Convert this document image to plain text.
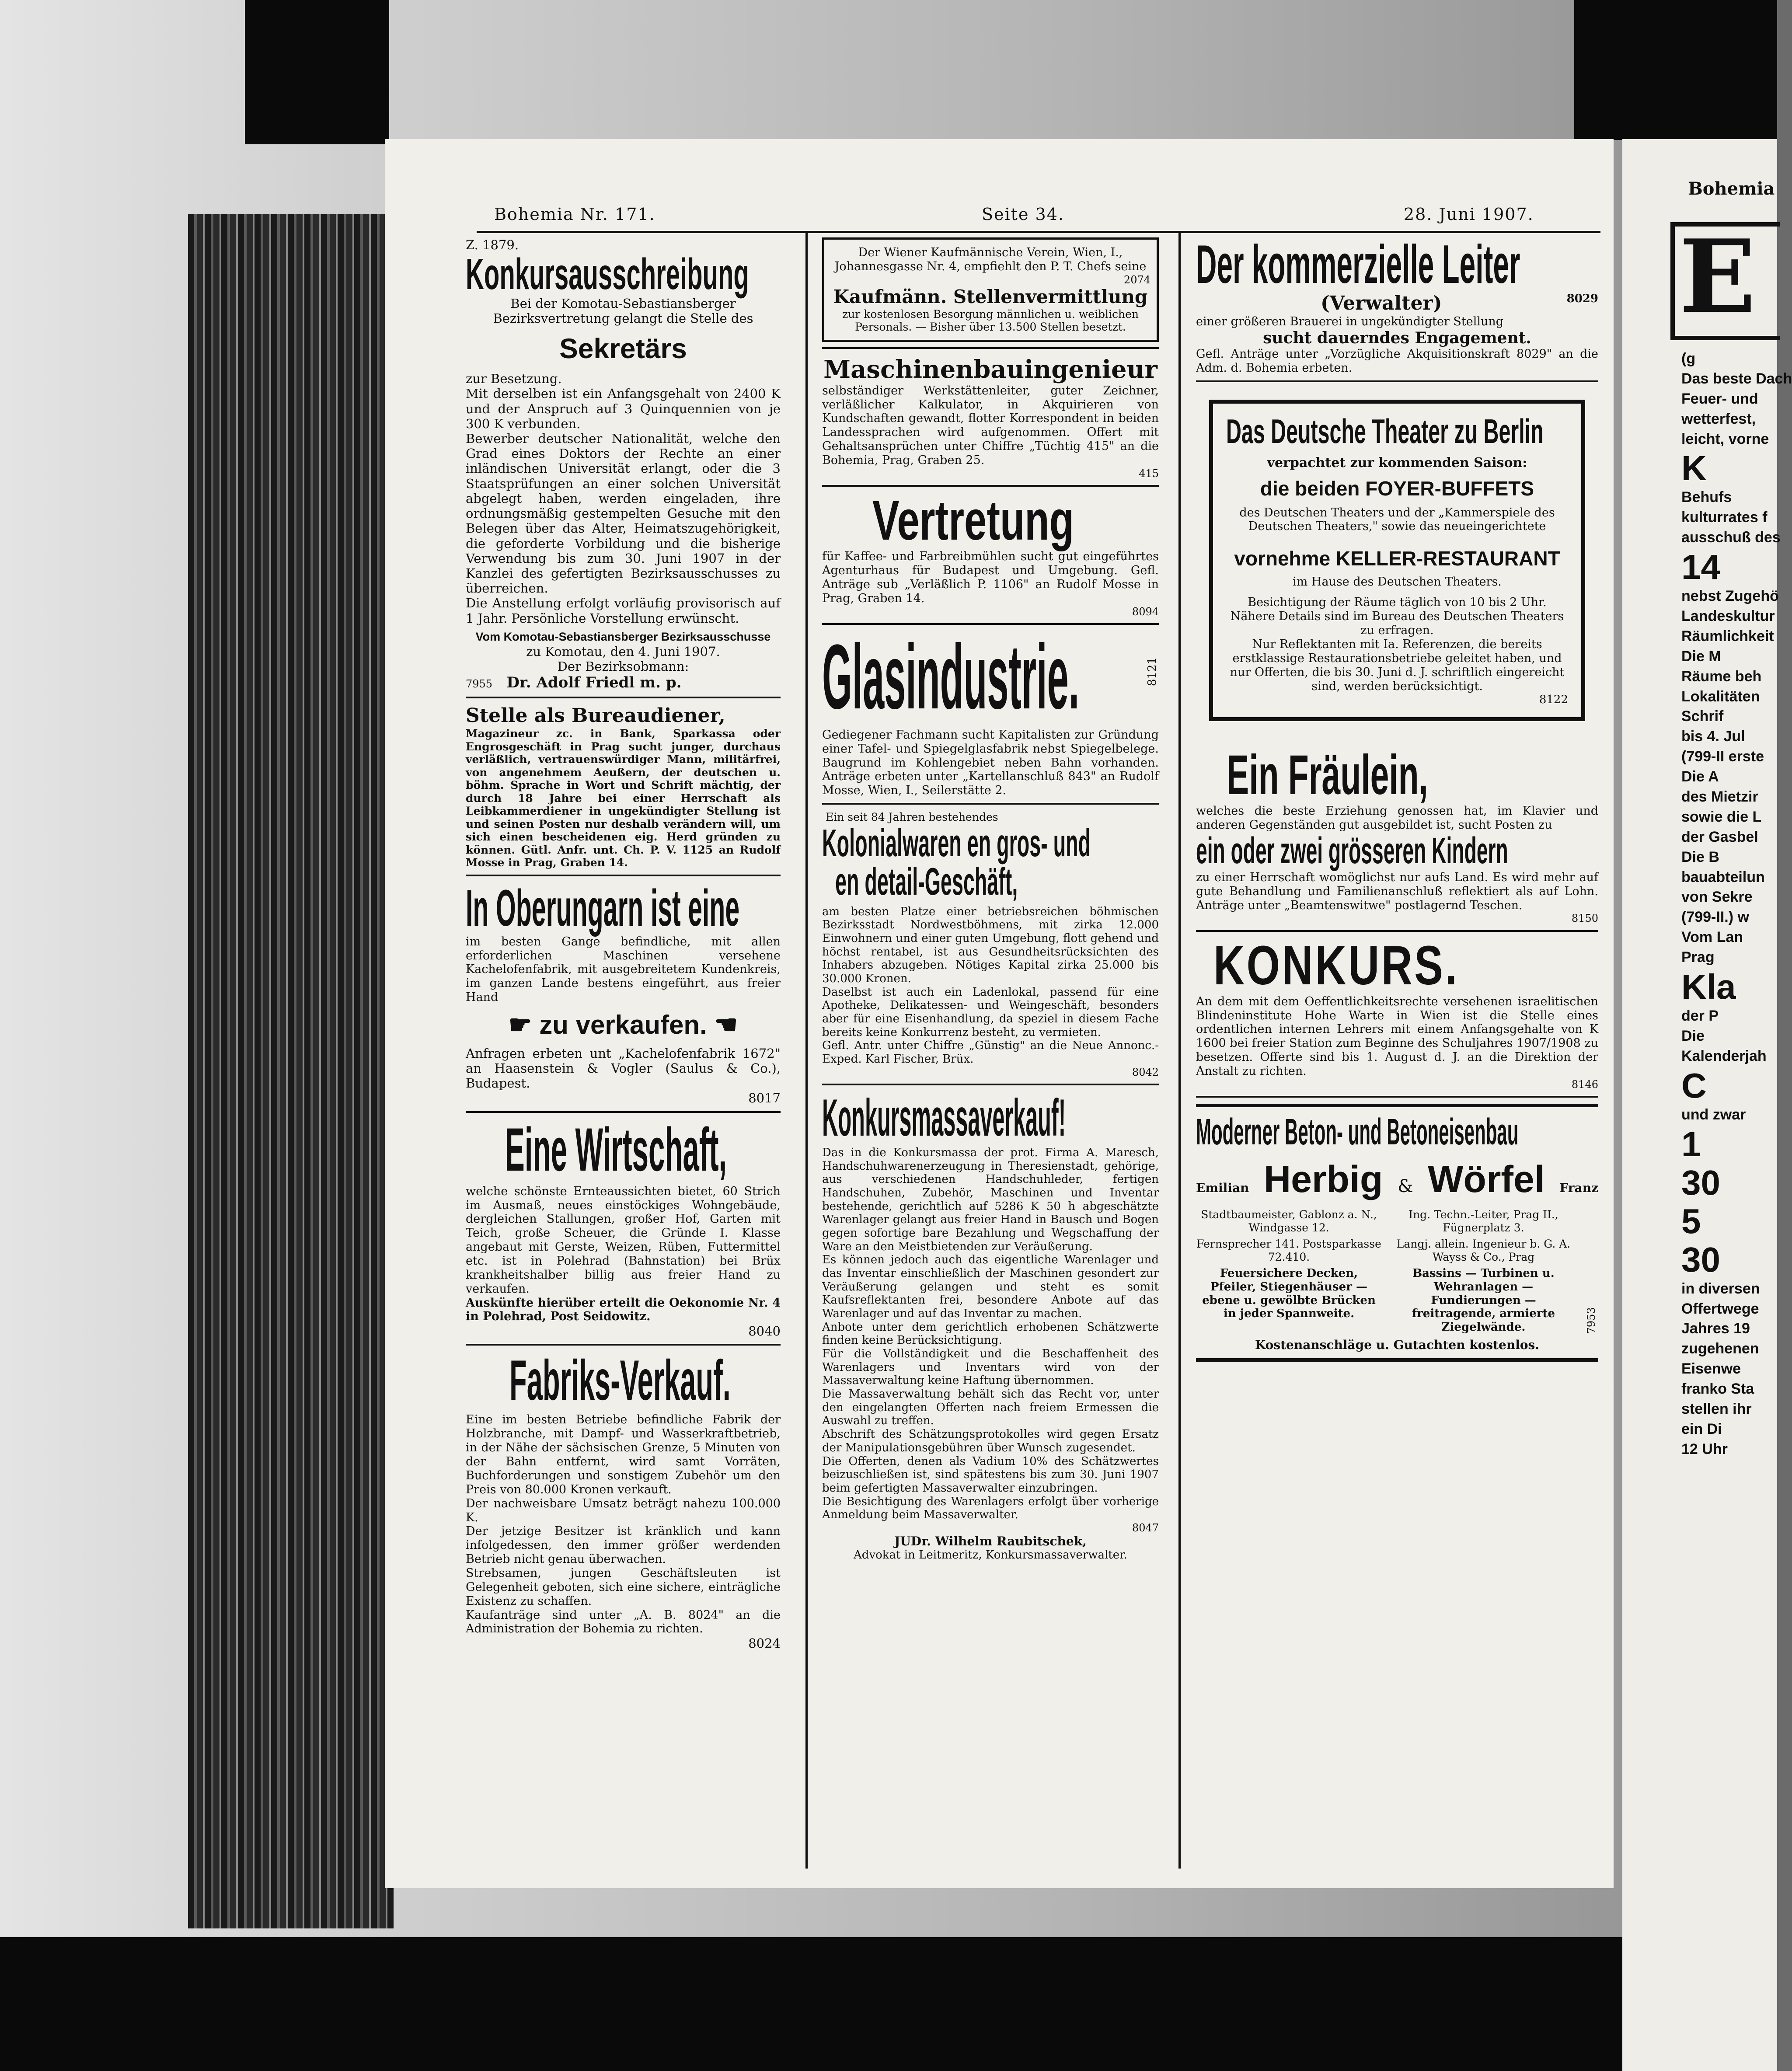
Bohemia Nr. 171.	Seite 34.	28. Juni 1907.

Z. 1879.

Konkursausschreibung

Bei der Komotau-Sebastiansberger Bezirksvertretung gelangt die Stelle des

Sekretärs

zur Besetzung.

Mit derselben ist ein Anfangsgehalt von 2400 K und der Anspruch auf 3 Quinquennien von je 300 K verbunden.

Bewerber deutscher Nationalität, welche den Grad eines Doktors der Rechte an einer inländischen Universität erlangt, oder die 3 Staatsprüfungen an einer solchen Universität abgelegt haben, werden eingeladen, ihre ordnungsmäßig gestempelten Gesuche mit den Belegen über das Alter, Heimatszugehörigkeit, die geforderte Vorbildung und die bisherige Verwendung bis zum 30. Juni 1907 in der Kanzlei des gefertigten Bezirksausschusses zu überreichen.

Die Anstellung erfolgt vorläufig provisorisch auf 1 Jahr. Persönliche Vorstellung erwünscht.

Vom Komotau-Sebastiansberger Bezirksausschusse

zu Komotau, den 4. Juni 1907.

Der Bezirksobmann:

7955 Dr. Adolf Friedl m. p.

Stelle als Bureaudiener,

Magazineur zc. in Bank, Sparkassa oder Engrosgeschäft in Prag sucht junger, durchaus verläßlich, vertrauenswürdiger Mann, militärfrei, von angenehmem Aeußern, der deutschen u. böhm. Sprache in Wort und Schrift mächtig, der durch 18 Jahre bei einer Herrschaft als Leibkammerdiener in ungekündigter Stellung ist und seinen Posten nur deshalb verändern will, um sich einen bescheidenen eig. Herd gründen zu können. Gütl. Anfr. unt. Ch. P. V. 1125 an Rudolf Mosse in Prag, Graben 14.

In Oberungarn ist eine

im besten Gange befindliche, mit allen erforderlichen Maschinen versehene Kachelofenfabrik, mit ausgebreitetem Kundenkreis, im ganzen Lande bestens eingeführt, aus freier Hand

☛ zu verkaufen. ☚

Anfragen erbeten unt „Kachelofenfabrik 1672" an Haasenstein & Vogler (Saulus & Co.), Budapest.

8017

Eine Wirtschaft,

welche schönste Ernteaussichten bietet, 60 Strich im Ausmaß, neues einstöckiges Wohngebäude, dergleichen Stallungen, großer Hof, Garten mit Teich, große Scheuer, die Gründe I. Klasse angebaut mit Gerste, Weizen, Rüben, Futtermittel etc. ist in Polehrad (Bahnstation) bei Brüx krankheitshalber billig aus freier Hand zu verkaufen.

Auskünfte hierüber erteilt die Oekonomie Nr. 4 in Polehrad, Post Seidowitz.

8040

Fabriks-Verkauf.

Eine im besten Betriebe befindliche Fabrik der Holzbranche, mit Dampf- und Wasserkraftbetrieb, in der Nähe der sächsischen Grenze, 5 Minuten von der Bahn entfernt, wird samt Vorräten, Buchforderungen und sonstigem Zubehör um den Preis von 80.000 Kronen verkauft.

Der nachweisbare Umsatz beträgt nahezu 100.000 K.

Der jetzige Besitzer ist kränklich und kann infolgedessen, den immer größer werdenden Betrieb nicht genau überwachen.

Strebsamen, jungen Geschäftsleuten ist Gelegenheit geboten, sich eine sichere, einträgliche Existenz zu schaffen.

Kaufanträge sind unter „A. B. 8024" an die Administration der Bohemia zu richten.

8024

Der Wiener Kaufmännische Verein, Wien, I., Johannesgasse Nr. 4, empfiehlt den P. T. Chefs seine

2074

Kaufmänn. Stellenvermittlung

zur kostenlosen Besorgung männlichen u. weiblichen Personals. — Bisher über 13.500 Stellen besetzt.

Maschinenbauingenieur

selbständiger Werkstättenleiter, guter Zeichner, verläßlicher Kalkulator, in Akquirieren von Kundschaften gewandt, flotter Korrespondent in beiden Landessprachen wird aufgenommen. Offert mit Gehaltsansprüchen unter Chiffre „Tüchtig 415" an die Bohemia, Prag, Graben 25.

415

Vertretung

für Kaffee- und Farbreibmühlen sucht gut eingeführtes Agenturhaus für Budapest und Umgebung. Gefl. Anträge sub „Verläßlich P. 1106" an Rudolf Mosse in Prag, Graben 14.

8094

Glasindustrie.	8121

Gediegener Fachmann sucht Kapitalisten zur Gründung einer Tafel- und Spiegelglasfabrik nebst Spiegelbelege. Baugrund im Kohlengebiet neben Bahn vorhanden. Anträge erbeten unter „Kartellanschluß 843" an Rudolf Mosse, Wien, I., Seilerstätte 2.

Ein seit 84 Jahren bestehendes

Kolonialwaren en gros- und
en detail-Geschäft,

am besten Platze einer betriebsreichen böhmischen Bezirksstadt Nordwestböhmens, mit zirka 12.000 Einwohnern und einer guten Umgebung, flott gehend und höchst rentabel, ist aus Gesundheitsrücksichten des Inhabers abzugeben. Nötiges Kapital zirka 25.000 bis 30.000 Kronen.

Daselbst ist auch ein Ladenlokal, passend für eine Apotheke, Delikatessen- und Weingeschäft, besonders aber für eine Eisenhandlung, da speziel in diesem Fache bereits keine Konkurrenz besteht, zu vermieten.

Gefl. Antr. unter Chiffre „Günstig" an die Neue Annonc.-Exped. Karl Fischer, Brüx.

8042

Konkursmassaverkauf!

Das in die Konkursmassa der prot. Firma A. Maresch, Handschuhwarenerzeugung in Theresienstadt, gehörige, aus verschiedenen Handschuhleder, fertigen Handschuhen, Zubehör, Maschinen und Inventar bestehende, gerichtlich auf 5286 K 50 h abgeschätzte Warenlager gelangt aus freier Hand in Bausch und Bogen gegen sofortige bare Bezahlung und Wegschaffung der Ware an den Meistbietenden zur Veräußerung.

Es können jedoch auch das eigentliche Warenlager und das Inventar einschließlich der Maschinen gesondert zur Veräußerung gelangen und steht es somit Kaufsreflektanten frei, besondere Anbote auf das Warenlager und auf das Inventar zu machen.

Anbote unter dem gerichtlich erhobenen Schätzwerte finden keine Berücksichtigung.

Für die Vollständigkeit und die Beschaffenheit des Warenlagers und Inventars wird von der Massaverwaltung keine Haftung übernommen.

Die Massaverwaltung behält sich das Recht vor, unter den eingelangten Offerten nach freiem Ermessen die Auswahl zu treffen.

Abschrift des Schätzungsprotokolles wird gegen Ersatz der Manipulationsgebühren über Wunsch zugesendet.

Die Offerten, denen als Vadium 10% des Schätzwertes beizuschließen ist, sind spätestens bis zum 30. Juni 1907 beim gefertigten Massaverwalter einzubringen.

Die Besichtigung des Warenlagers erfolgt über vorherige Anmeldung beim Massaverwalter.

8047

JUDr. Wilhelm Raubitschek,

Advokat in Leitmeritz, Konkursmassaverwalter.

Der kommerzielle Leiter

(Verwalter)	8029

einer größeren Brauerei in ungekündigter Stellung

sucht dauerndes Engagement.

Gefl. Anträge unter „Vorzügliche Akquisitionskraft 8029" an die Adm. d. Bohemia erbeten.

Das Deutsche Theater zu Berlin

verpachtet zur kommenden Saison:

die beiden FOYER-BUFFETS

des Deutschen Theaters und der „Kammerspiele des Deutschen Theaters," sowie das neueingerichtete

vornehme KELLER-RESTAURANT

im Hause des Deutschen Theaters.

Besichtigung der Räume täglich von 10 bis 2 Uhr. Nähere Details sind im Bureau des Deutschen Theaters zu erfragen.

Nur Reflektanten mit Ia. Referenzen, die bereits erstklassige Restaurationsbetriebe geleitet haben, und nur Offerten, die bis 30. Juni d. J. schriftlich eingereicht sind, werden berücksichtigt.

8122

Ein Fräulein,

welches die beste Erziehung genossen hat, im Klavier und anderen Gegenständen gut ausgebildet ist, sucht Posten zu

ein oder zwei grösseren Kindern

zu einer Herrschaft womöglichst nur aufs Land. Es wird mehr auf gute Behandlung und Familienanschluß reflektiert als auf Lohn. Anträge unter „Beamtenswitwe" postlagernd Teschen.

8150

KONKURS.

An dem mit dem Oeffentlichkeitsrechte versehenen israelitischen Blindeninstitute Hohe Warte in Wien ist die Stelle eines ordentlichen internen Lehrers mit einem Anfangsgehalte von K 1600 bei freier Station zum Beginne des Schuljahres 1907/1908 zu besetzen. Offerte sind bis 1. August d. J. an die Direktion der Anstalt zu richten.

8146

Moderner Beton- und Betoneisenbau
Emilian Herbig & Wörfel Franz

Stadtbaumeister, Gablonz a. N., Windgasse 12.

Fernsprecher 141. Postsparkasse 72.410.

Feuersichere Decken, Pfeiler, Stiegenhäuser — ebene u. gewölbte Brücken in jeder Spannweite.

Ing. Techn.-Leiter, Prag II., Fügnerplatz 3.

Langj. allein. Ingenieur b. G. A. Wayss & Co., Prag

Bassins — Turbinen u. Wehranlagen — Fundierungen — freitragende, armierte Ziegelwände.	7953

Kostenanschläge u. Gutachten kostenlos.

Bohemia
E
(g
Das beste Dach
Feuer- und
wetterfest,
leicht, vorne
K
Behufs
kulturrates f
ausschuß des
14
nebst Zugehö
Landeskultur
Räumlichkeit
Die M
Räume beh
Lokalitäten
Schrif
bis 4. Jul
(799-II erste
Die A
des Mietzir
sowie die L
der Gasbel
Die B
bauabteilun
von Sekre
(799-II.) w
Vom Lan
Prag
Kla
der P
Die
Kalenderjah
C
und zwar
1
30
5
30
in diversen
Offertwege
Jahres 19
zugehenen
Eisenwe
franko Sta
stellen ihr
ein Di
12 Uhr
